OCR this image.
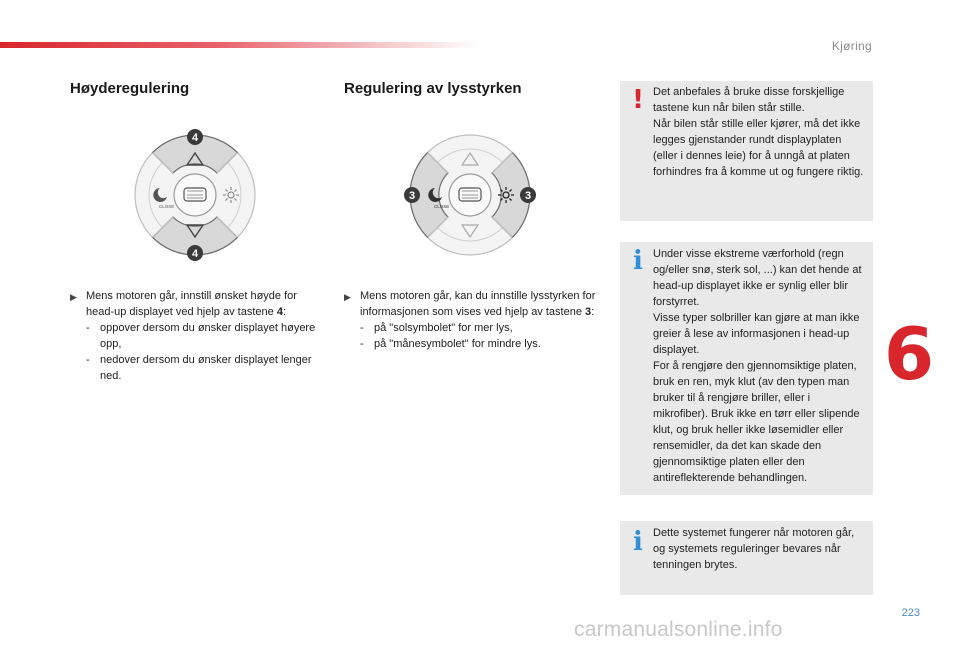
Kjøring
6
223
Høyderegulering	Regulering av lysstyrken
CLOSE
4
4
CLOSE
3	3
▶ Mens motoren går, innstill ønsket høyde for head-up displayet ved hjelp av tastene 4:

- oppover dersom du ønsker displayet høyere opp,
- nedover dersom du ønsker displayet lenger ned.
▶ Mens motoren går, kan du innstille lysstyrken for informasjonen som vises ved hjelp av tastene 3:

- på "solsymbolet" for mer lys,
- på "månesymbolet" for mindre lys.
! Det anbefales å bruke disse forskjellige tastene kun når bilen står stille.
Når bilen står stille eller kjører, må det ikke legges gjenstander rundt displayplaten (eller i dennes leie) for å unngå at platen forhindres fra å komme ut og fungere riktig.
i Under visse ekstreme værforhold (regn og/eller snø, sterk sol, ...) kan det hende at head-up displayet ikke er synlig eller blir forstyrret.
Visse typer solbriller kan gjøre at man ikke greier å lese av informasjonen i head-up displayet.
For å rengjøre den gjennomsiktige platen, bruk en ren, myk klut (av den typen man bruker til å rengjøre briller, eller i mikrofiber). Bruk ikke en tørr eller slipende klut, og bruk heller ikke løsemidler eller rensemidler, da det kan skade den gjennomsiktige platen eller den antireflekterende behandlingen.
i Dette systemet fungerer når motoren går, og systemets reguleringer bevares når tenningen brytes.
carmanualsonline.info
